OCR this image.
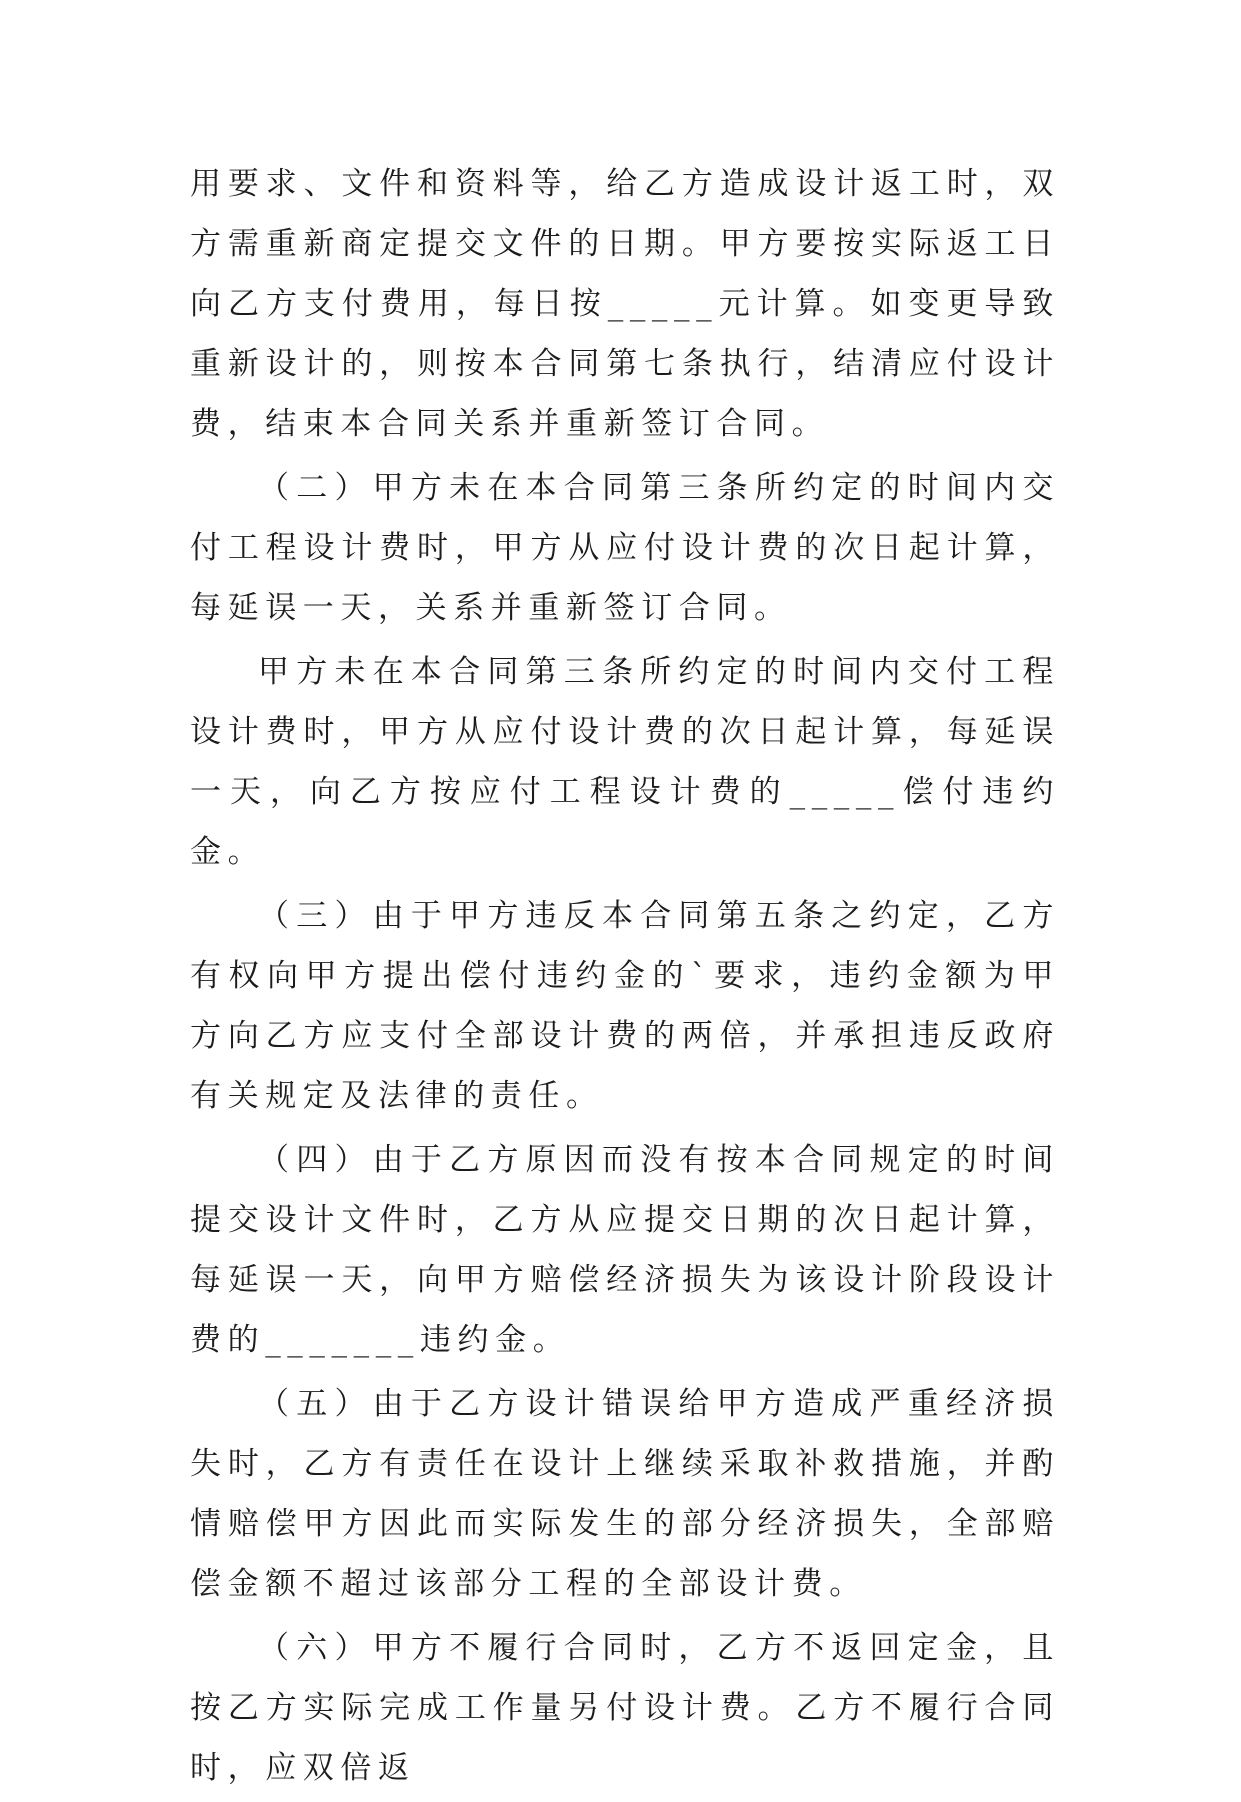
用要求、文件和资料等，给乙方造成设计返工时，双方需重新商定提交文件的日期。甲方要按实际返工日向乙方支付费用，每日按_____元计算。如变更导致重新设计的，则按本合同第七条执行，结清应付设计费，结束本合同关系并重新签订合同。

（二）甲方未在本合同第三条所约定的时间内交付工程设计费时，甲方从应付设计费的次日起计算，每延误一天，关系并重新签订合同。

甲方未在本合同第三条所约定的时间内交付工程设计费时，甲方从应付设计费的次日起计算，每延误一天，向乙方按应付工程设计费的_____偿付违约金。

（三）由于甲方违反本合同第五条之约定，乙方有权向甲方提出偿付违约金的`要求，违约金额为甲方向乙方应支付全部设计费的两倍，并承担违反政府有关规定及法律的责任。

（四）由于乙方原因而没有按本合同规定的时间提交设计文件时，乙方从应提交日期的次日起计算，每延误一天，向甲方赔偿经济损失为该设计阶段设计费的_______违约金。

（五）由于乙方设计错误给甲方造成严重经济损失时，乙方有责任在设计上继续采取补救措施，并酌情赔偿甲方因此而实际发生的部分经济损失，全部赔偿金额不超过该部分工程的全部设计费。

（六）甲方不履行合同时，乙方不返回定金，且按乙方实际完成工作量另付设计费。乙方不履行合同时，应双倍返
